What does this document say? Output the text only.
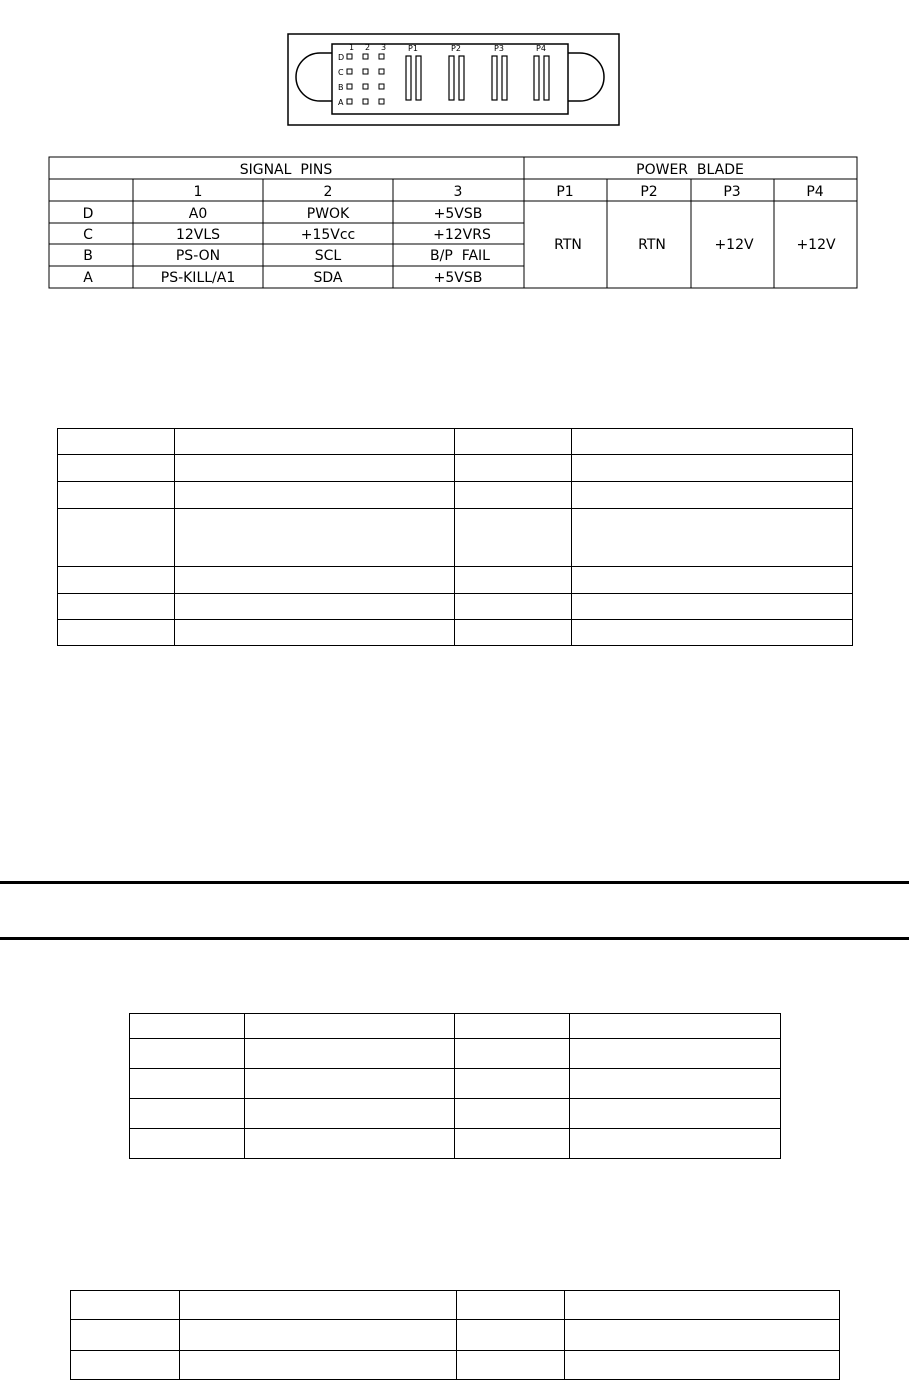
D
C
B
A
1 2 3	P1	P2	P3	P4
SIGNAL  PINS	POWER  BLADE
1	2	3	P1	P2	P3	P4
D	A0	PWOK	+5VSB
C	12VLS	+15Vcc	+12VRS
B	PS-ON	SCL	B/P  FAIL
A	PS-KILL/A1	SDA	+5VSB
RTN	RTN	+12V	+12V
